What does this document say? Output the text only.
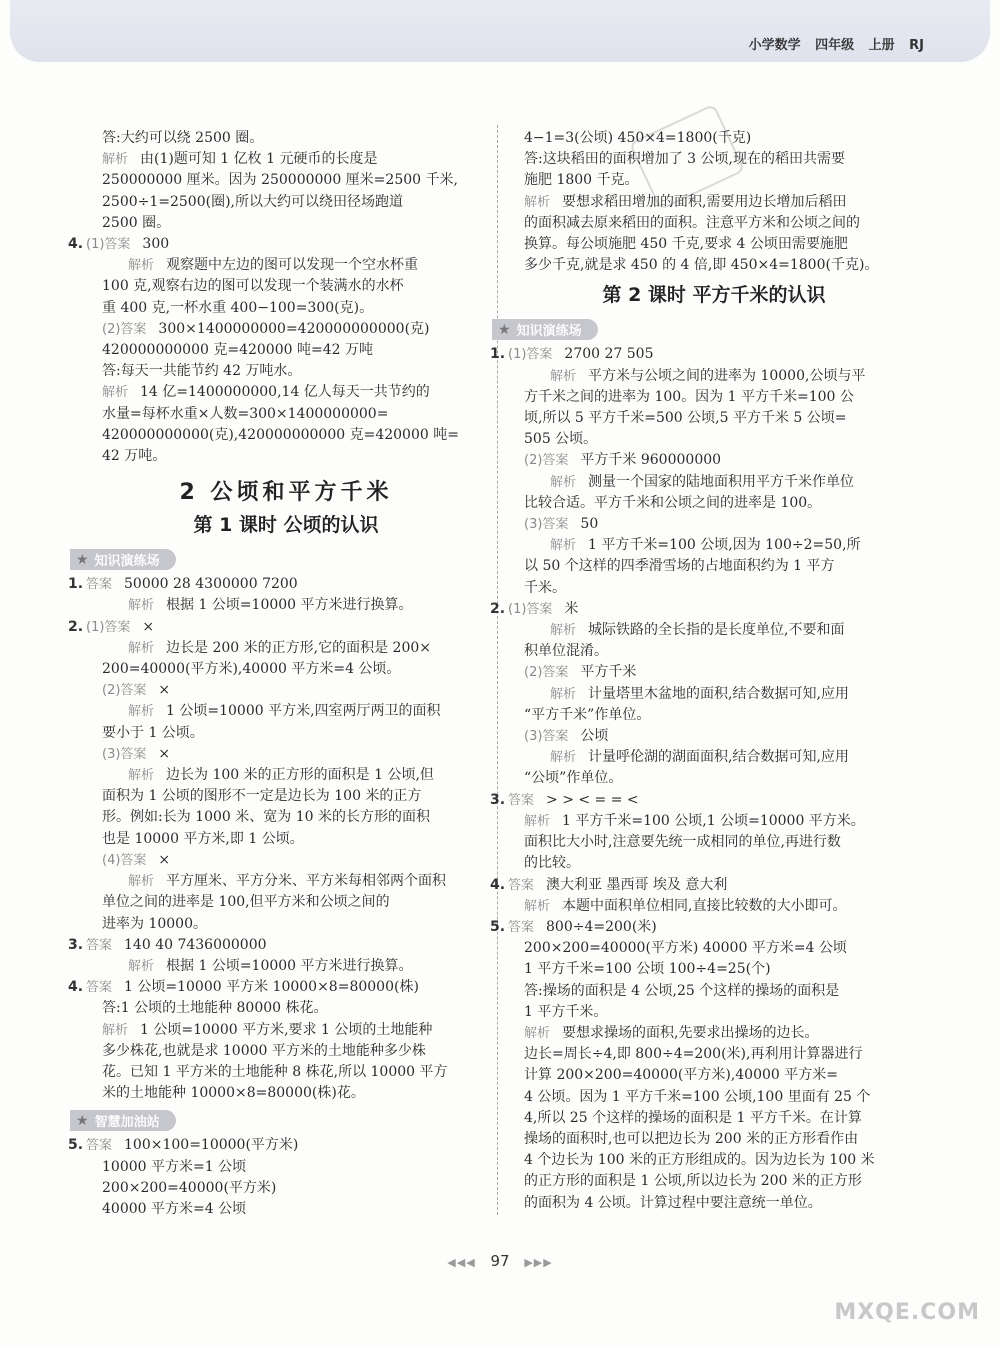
小学数学 四年级 上册 RJ
答:大约可以绕 2500 圈。
解析 由(1)题可知 1 亿枚 1 元硬币的长度是
250000000 厘米。因为 250000000 厘米=2500 千米,
2500÷1=2500(圈),所以大约可以绕田径场跑道
2500 圈。
4. (1)答案 300
解析 观察题中左边的图可以发现一个空水杯重
100 克,观察右边的图可以发现一个装满水的水杯
重 400 克,一杯水重 400−100=300(克)。
(2)答案 300×1400000000=420000000000(克)
420000000000 克=420000 吨=42 万吨
答:每天一共能节约 42 万吨水。
解析 14 亿=1400000000,14 亿人每天一共节约的
水量=每杯水重×人数=300×1400000000=
420000000000(克),420000000000 克=420000 吨=
42 万吨。
2 公顷和平方千米
第 1 课时 公顷的认识
★ 知识演练场
1. 答案 50000 28 4300000 7200
解析 根据 1 公顷=10000 平方米进行换算。
2. (1)答案 ×
解析 边长是 200 米的正方形,它的面积是 200×
200=40000(平方米),40000 平方米=4 公顷。
(2)答案 ×
解析 1 公顷=10000 平方米,四室两厅两卫的面积
要小于 1 公顷。
(3)答案 ×
解析 边长为 100 米的正方形的面积是 1 公顷,但
面积为 1 公顷的图形不一定是边长为 100 米的正方
形。例如:长为 1000 米、宽为 10 米的长方形的面积
也是 10000 平方米,即 1 公顷。
(4)答案 ×
解析 平方厘米、平方分米、平方米每相邻两个面积
单位之间的进率是 100,但平方米和公顷之间的
进率为 10000。
3. 答案 140 40 7436000000
解析 根据 1 公顷=10000 平方米进行换算。
4. 答案 1 公顷=10000 平方米 10000×8=80000(株)
答:1 公顷的土地能种 80000 株花。
解析 1 公顷=10000 平方米,要求 1 公顷的土地能种
多少株花,也就是求 10000 平方米的土地能种多少株
花。已知 1 平方米的土地能种 8 株花,所以 10000 平方
米的土地能种 10000×8=80000(株)花。
★ 智慧加油站
5. 答案 100×100=10000(平方米)
10000 平方米=1 公顷
200×200=40000(平方米)
40000 平方米=4 公顷
4−1=3(公顷) 450×4=1800(千克)
答:这块稻田的面积增加了 3 公顷,现在的稻田共需要
施肥 1800 千克。
解析 要想求稻田增加的面积,需要用边长增加后稻田
的面积减去原来稻田的面积。注意平方米和公顷之间的
换算。每公顷施肥 450 千克,要求 4 公顷田需要施肥
多少千克,就是求 450 的 4 倍,即 450×4=1800(千克)。
第 2 课时 平方千米的认识
★ 知识演练场
1. (1)答案 2700 27 505
解析 平方米与公顷之间的进率为 10000,公顷与平
方千米之间的进率为 100。因为 1 平方千米=100 公
顷,所以 5 平方千米=500 公顷,5 平方千米 5 公顷=
505 公顷。
(2)答案 平方千米 960000000
解析 测量一个国家的陆地面积用平方千米作单位
比较合适。平方千米和公顷之间的进率是 100。
(3)答案 50
解析 1 平方千米=100 公顷,因为 100÷2=50,所
以 50 个这样的四季滑雪场的占地面积约为 1 平方
千米。
2. (1)答案 米
解析 城际铁路的全长指的是长度单位,不要和面
积单位混淆。
(2)答案 平方千米
解析 计量塔里木盆地的面积,结合数据可知,应用
“平方千米”作单位。
(3)答案 公顷
解析 计量呼伦湖的湖面面积,结合数据可知,应用
“公顷”作单位。
3. 答案 > > < = = <
解析 1 平方千米=100 公顷,1 公顷=10000 平方米。
面积比大小时,注意要先统一成相同的单位,再进行数
的比较。
4. 答案 澳大利亚 墨西哥 埃及 意大利
解析 本题中面积单位相同,直接比较数的大小即可。
5. 答案 800÷4=200(米)
200×200=40000(平方米) 40000 平方米=4 公顷
1 平方千米=100 公顷 100÷4=25(个)
答:操场的面积是 4 公顷,25 个这样的操场的面积是
1 平方千米。
解析 要想求操场的面积,先要求出操场的边长。
边长=周长÷4,即 800÷4=200(米),再利用计算器进行
计算 200×200=40000(平方米),40000 平方米=
4 公顷。因为 1 平方千米=100 公顷,100 里面有 25 个
4,所以 25 个这样的操场的面积是 1 平方千米。在计算
操场的面积时,也可以把边长为 200 米的正方形看作由
4 个边长为 100 米的正方形组成的。因为边长为 100 米
的正方形的面积是 1 公顷,所以边长为 200 米的正方形
的面积为 4 公顷。计算过程中要注意统一单位。
◀◀◀ 97 ▶▶▶
MXQE.COM
